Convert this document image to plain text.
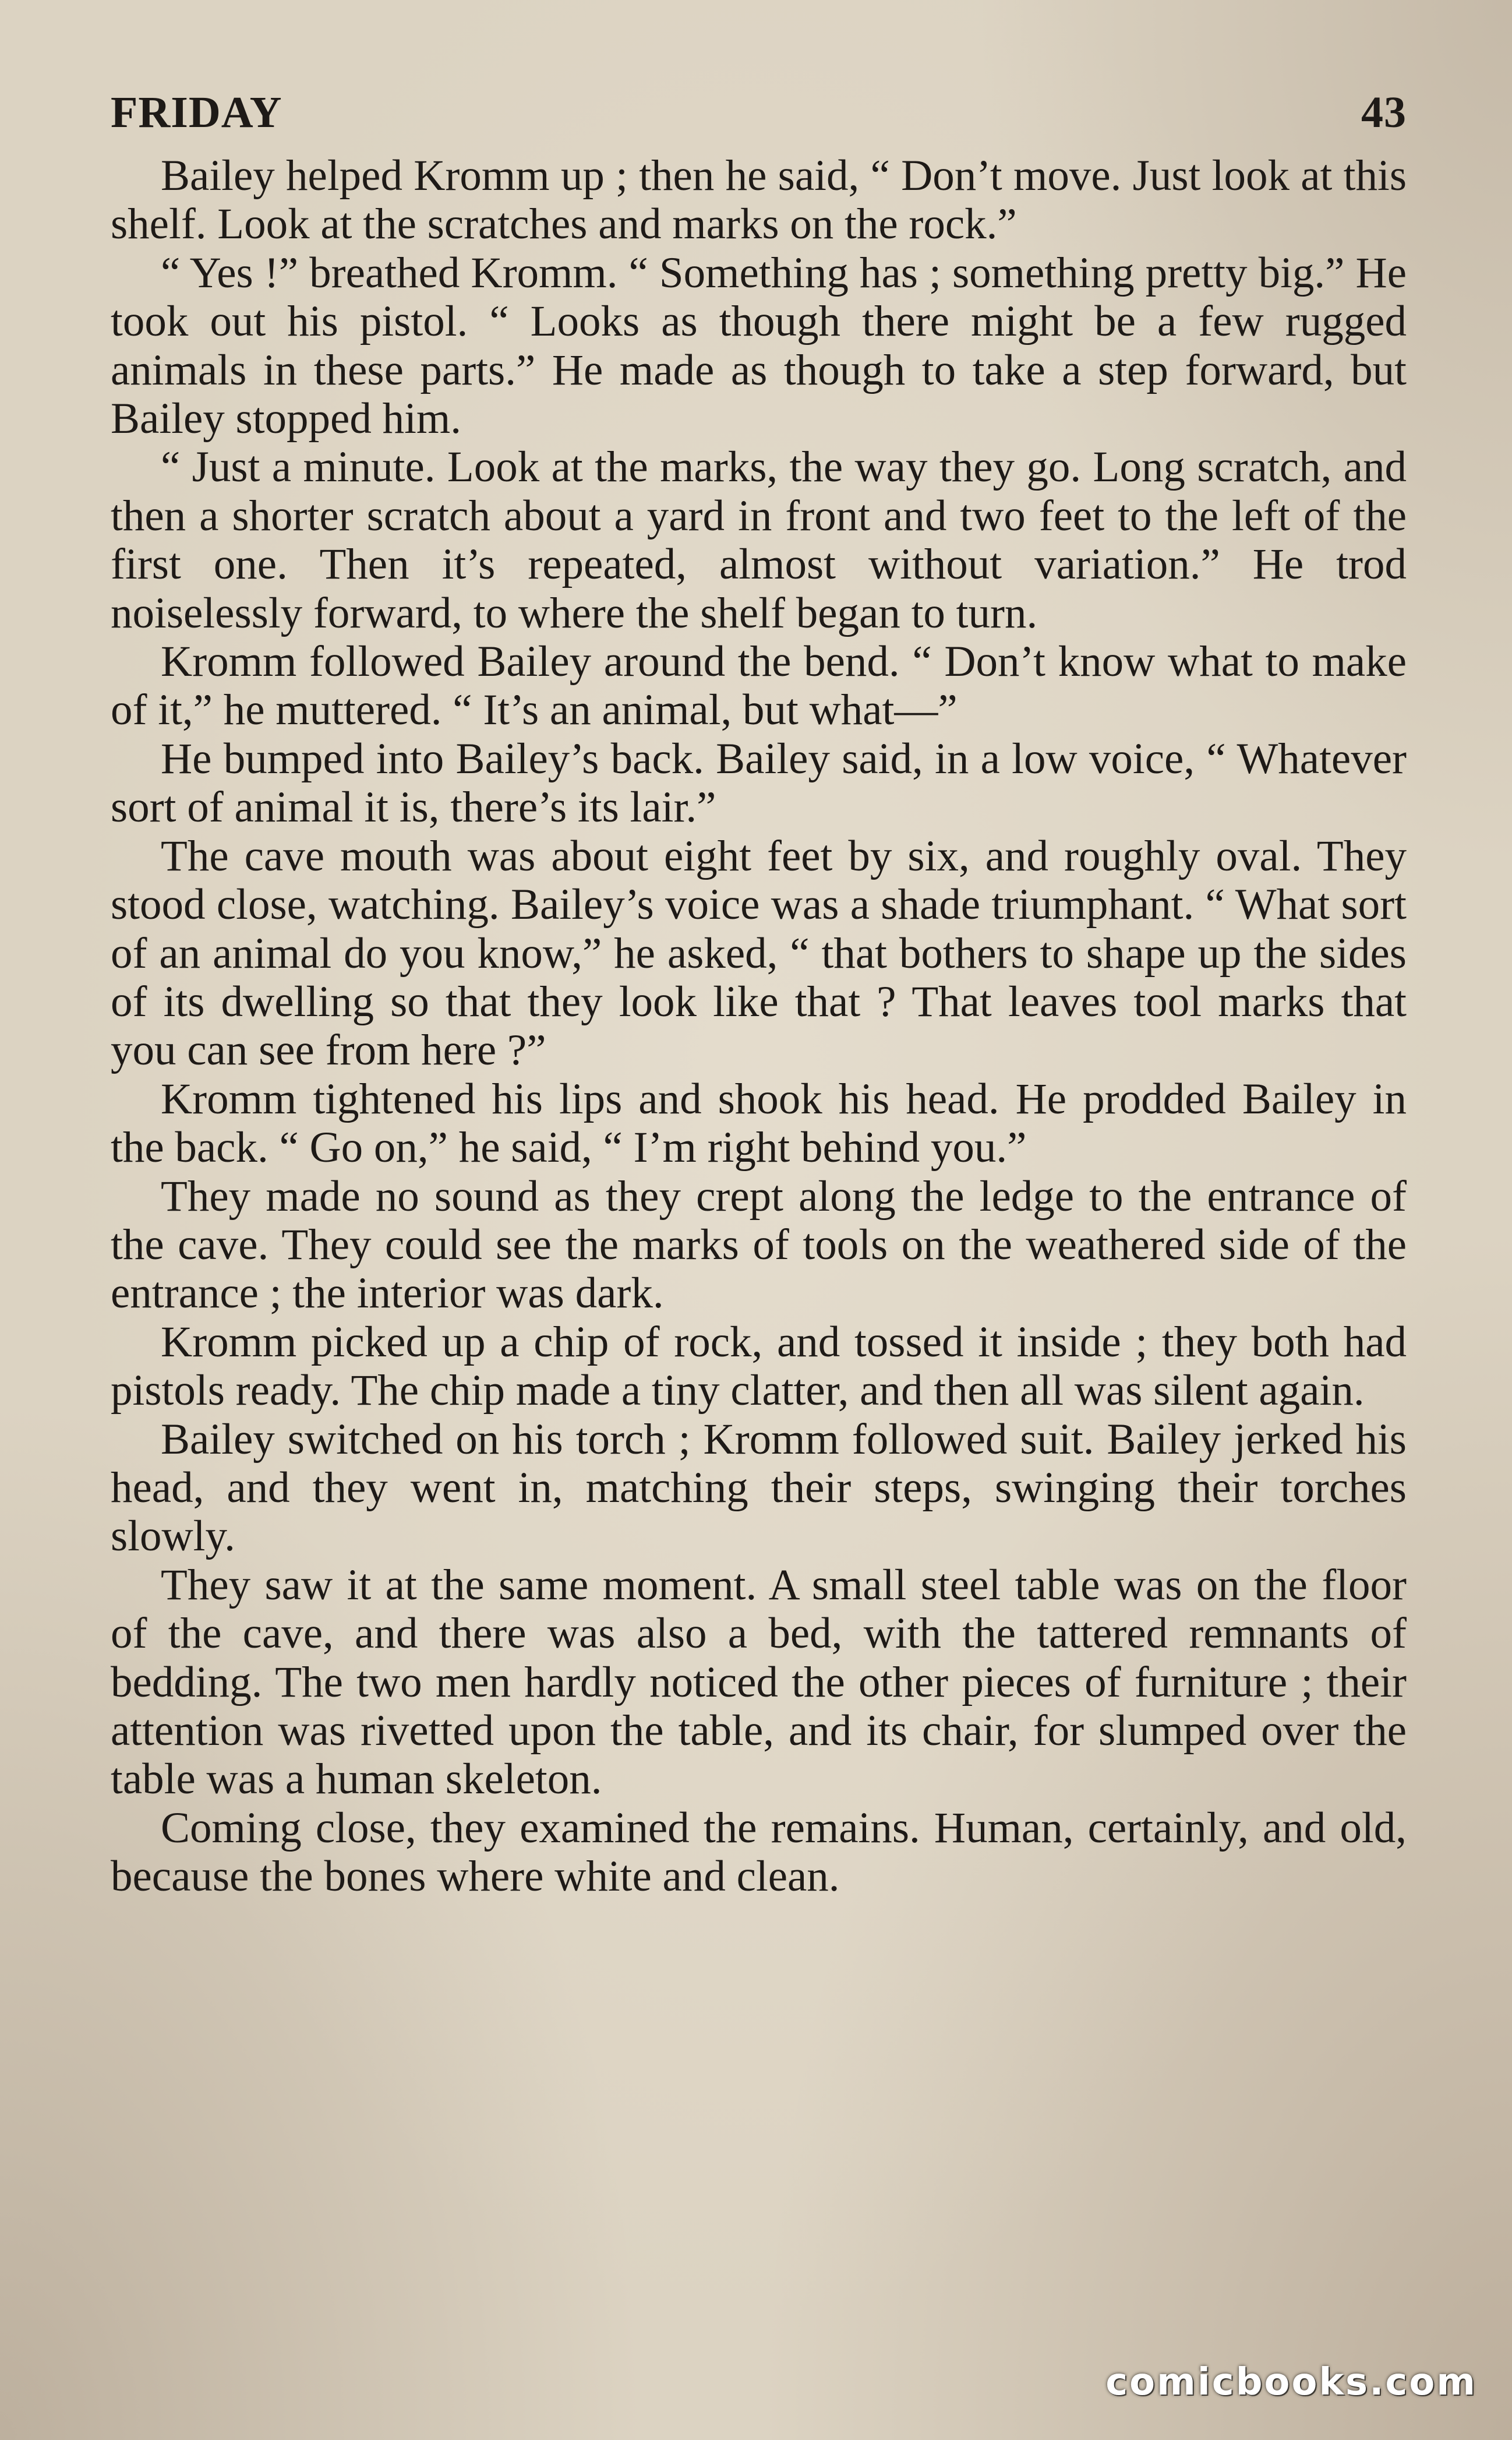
FRIDAY	43

Bailey helped Kromm up ; then he said, “ Don’t move. Just look at this shelf. Look at the scratches and marks on the rock.”

“ Yes !” breathed Kromm. “ Something has ; something pretty big.” He took out his pistol. “ Looks as though there might be a few rugged animals in these parts.” He made as though to take a step forward, but Bailey stopped him.

“ Just a minute. Look at the marks, the way they go. Long scratch, and then a shorter scratch about a yard in front and two feet to the left of the first one. Then it’s repeated, almost without variation.” He trod noiselessly forward, to where the shelf began to turn.

Kromm followed Bailey around the bend. “ Don’t know what to make of it,” he muttered. “ It’s an animal, but what—”

He bumped into Bailey’s back. Bailey said, in a low voice, “ Whatever sort of animal it is, there’s its lair.”

The cave mouth was about eight feet by six, and roughly oval. They stood close, watching. Bailey’s voice was a shade triumphant. “ What sort of an animal do you know,” he asked, “ that bothers to shape up the sides of its dwelling so that they look like that ? That leaves tool marks that you can see from here ?”

Kromm tightened his lips and shook his head. He prodded Bailey in the back. “ Go on,” he said, “ I’m right behind you.”

They made no sound as they crept along the ledge to the entrance of the cave. They could see the marks of tools on the weathered side of the entrance ; the interior was dark.

Kromm picked up a chip of rock, and tossed it inside ; they both had pistols ready. The chip made a tiny clatter, and then all was silent again.

Bailey switched on his torch ; Kromm followed suit. Bailey jerked his head, and they went in, matching their steps, swinging their torches slowly.

They saw it at the same moment. A small steel table was on the floor of the cave, and there was also a bed, with the tattered remnants of bedding. The two men hardly noticed the other pieces of furniture ; their attention was rivetted upon the table, and its chair, for slumped over the table was a human skeleton.

Coming close, they examined the remains. Human, certainly, and old, because the bones where white and clean.

comicbooks.com
